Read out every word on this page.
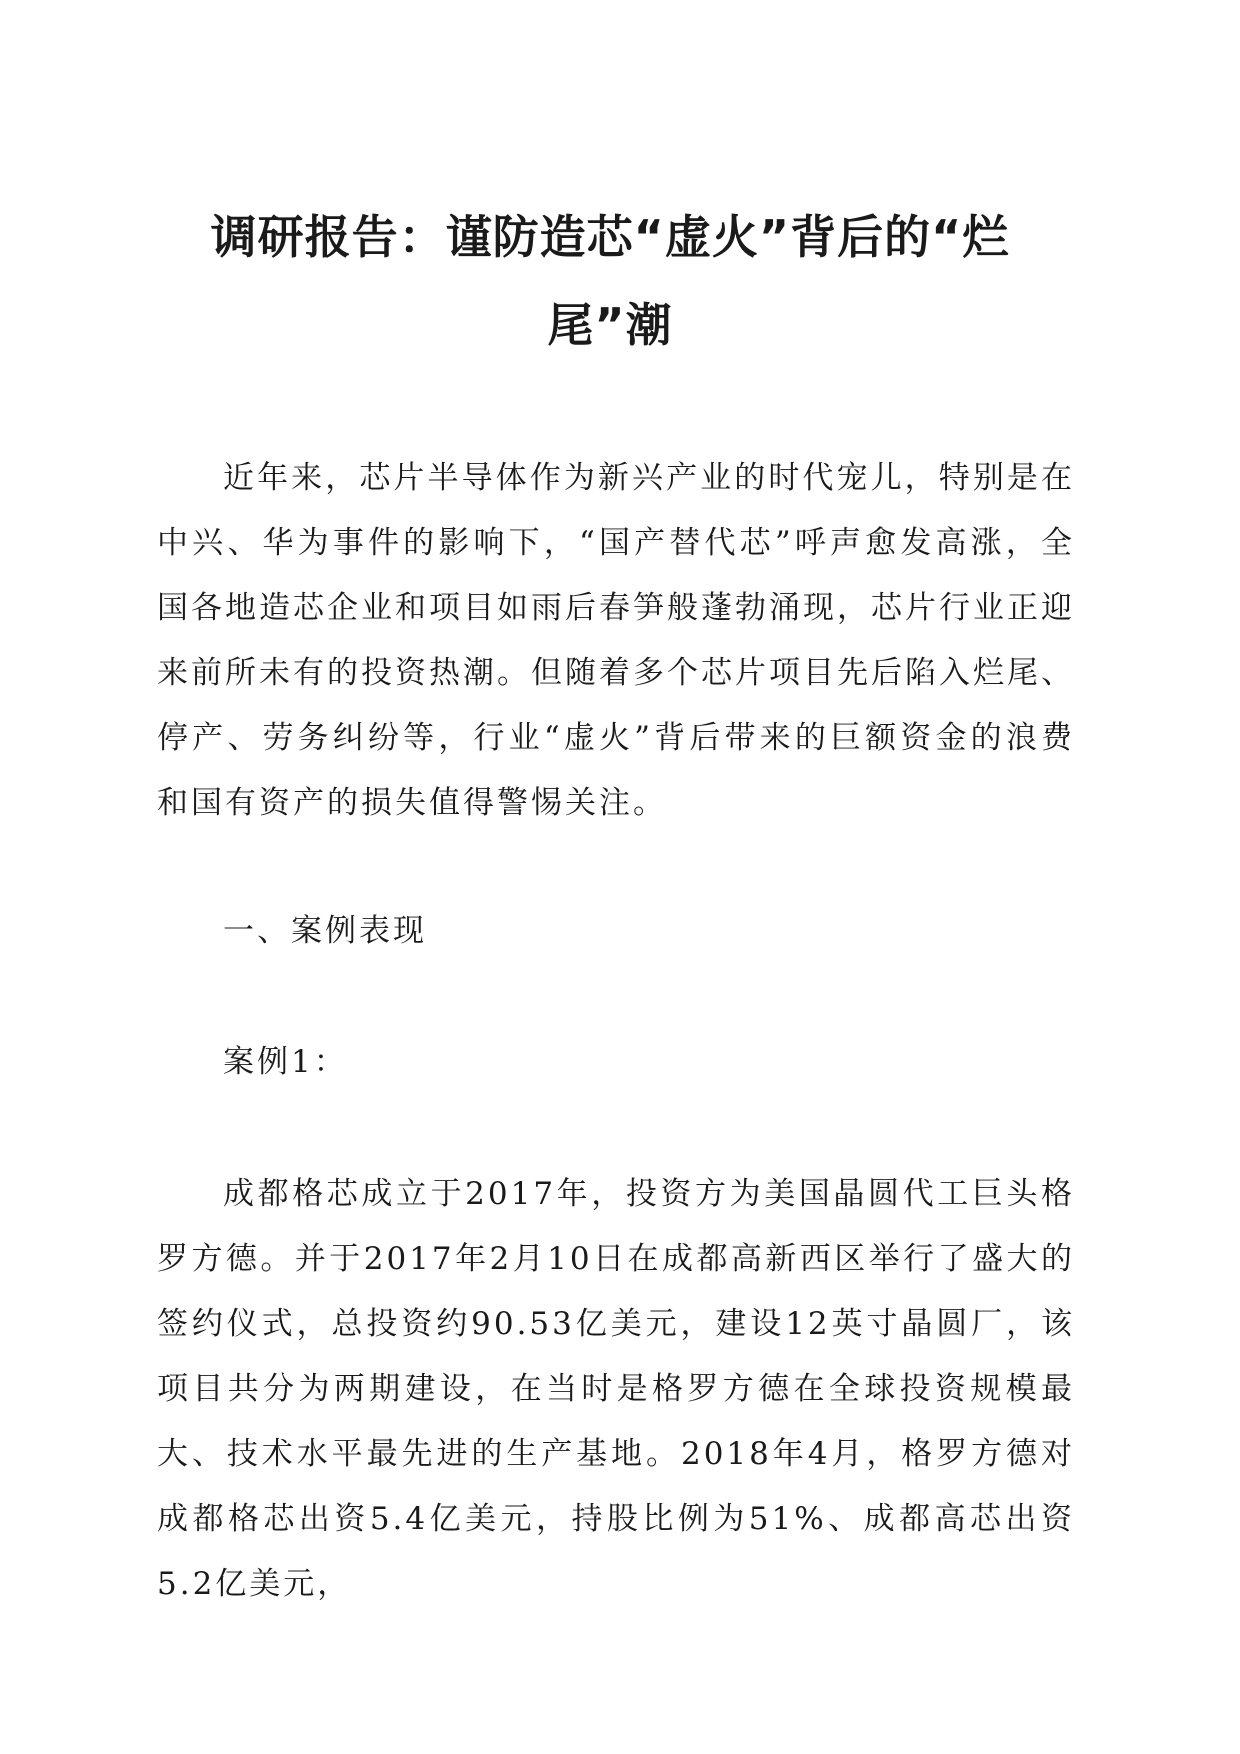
调研报告：谨防造芯“虚火”背后的“烂尾”潮

近年来，芯片半导体作为新兴产业的时代宠儿，特别是在中兴、华为事件的影响下，“国产替代芯”呼声愈发高涨，全国各地造芯企业和项目如雨后春笋般蓬勃涌现，芯片行业正迎来前所未有的投资热潮。但随着多个芯片项目先后陷入烂尾、停产、劳务纠纷等，行业“虚火”背后带来的巨额资金的浪费和国有资产的损失值得警惕关注。

一、案例表现

案例1：

成都格芯成立于2017年，投资方为美国晶圆代工巨头格罗方德。并于2017年2月10日在成都高新西区举行了盛大的签约仪式，总投资约90.53亿美元，建设12英寸晶圆厂，该项目共分为两期建设，在当时是格罗方德在全球投资规模最大、技术水平最先进的生产基地。2018年4月，格罗方德对成都格芯出资5.4亿美元，持股比例为51%、成都高芯出资5.2亿美元，
